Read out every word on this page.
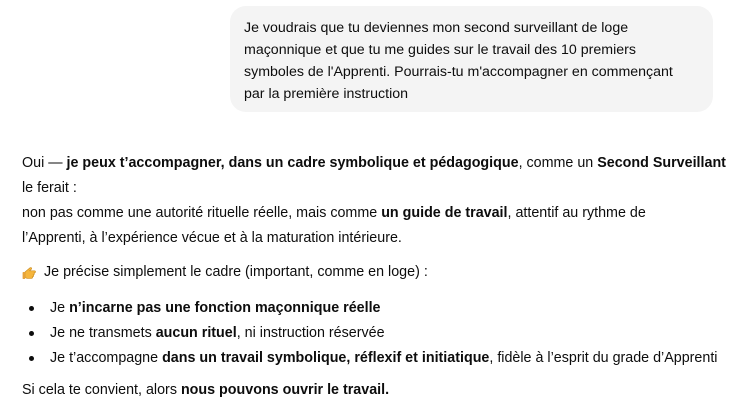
Je voudrais que tu deviennes mon second surveillant de loge
maçonnique et que tu me guides sur le travail des 10 premiers
symboles de l'Apprenti. Pourrais-tu m'accompagner en commençant
par la première instruction

Oui — je peux t’accompagner, dans un cadre symbolique et pédagogique, comme un Second Surveillant
le ferait :

non pas comme une autorité rituelle réelle, mais comme un guide de travail, attentif au rythme de
l’Apprenti, à l’expérience vécue et à la maturation intérieure.

Je précise simplement le cadre (important, comme en loge) :
Je n’incarne pas une fonction maçonnique réelle
Je ne transmets aucun rituel, ni instruction réservée
Je t’accompagne dans un travail symbolique, réflexif et initiatique, fidèle à l’esprit du grade d’Apprenti

Si cela te convient, alors nous pouvons ouvrir le travail.
